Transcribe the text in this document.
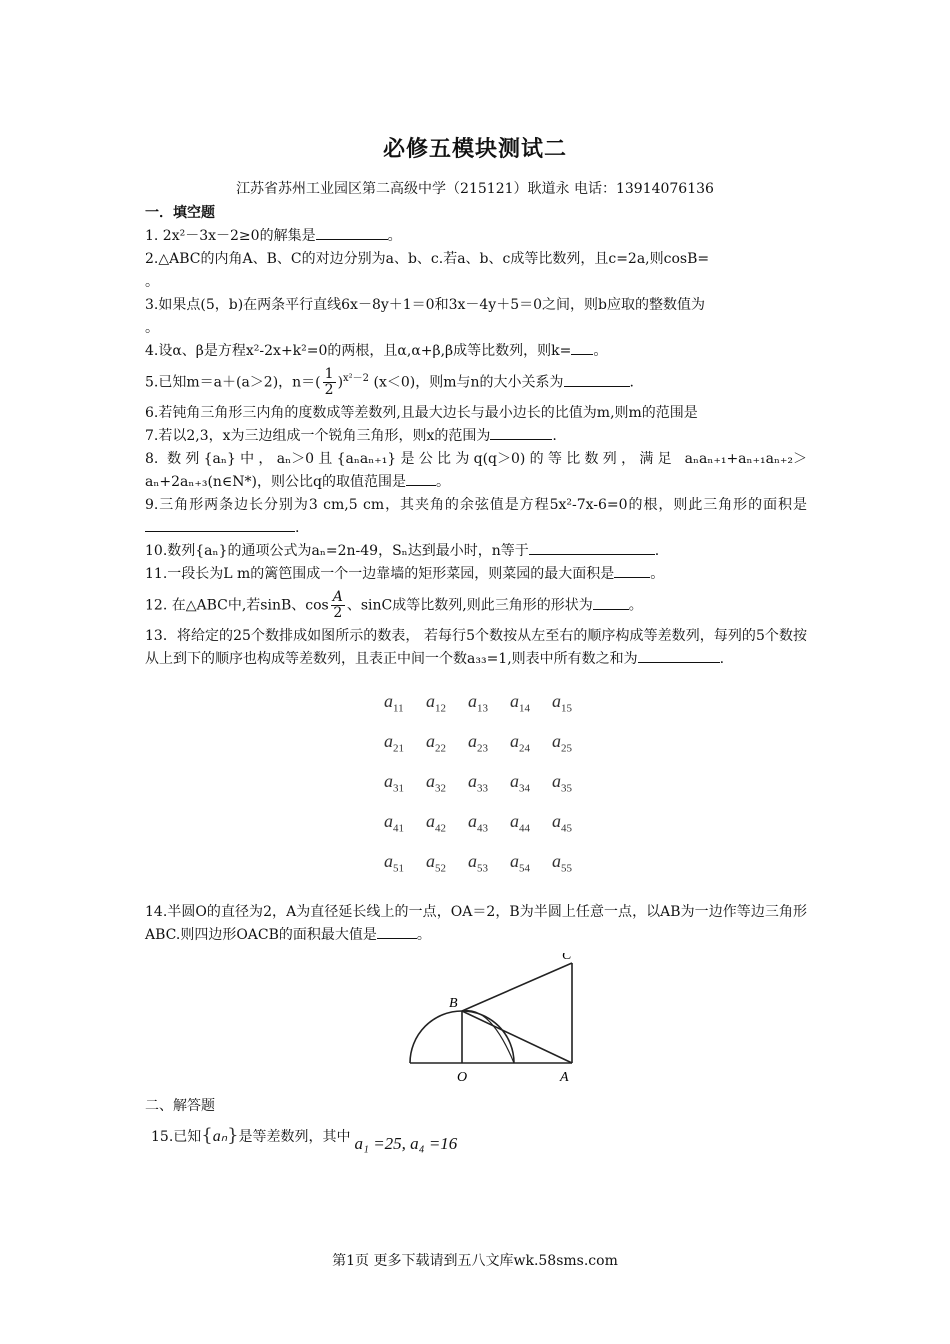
必修五模块测试二
江苏省苏州工业园区第二高级中学（215121）耿道永 电话：13914076136

一．填空题

1. 2x²－3x－2≥0的解集是	。

2.△ABC的内角A、B、C的对边分别为a、b、c.若a、b、c成等比数列，且c=2a,则cosB=
。

3.如果点(5，b)在两条平行直线6x－8y＋1＝0和3x－4y＋5＝0之间，则b应取的整数值为
。

4.设α、β是方程x²-2x+k²=0的两根，且α,α+β,β成等比数列，则k= 。

5.已知m＝a＋(a＞2)，$n=( \frac{1}{2} )^{x^2-2}$ (x＜0)，则m与n的大小关系为	.

6.若钝角三角形三内角的度数成等差数列,且最大边长与最小边长的比值为m,则m的范围是

7.若以2,3，x为三边组成一个锐角三角形，则x的范围为	.

8. 数列{aₙ}中，aₙ＞0且{aₙaₙ₊₁}是公比为q(q＞0)的等比数列，满足 aₙaₙ₊₁+aₙ₊₁aₙ₊₂＞aₙ+2aₙ₊₃(n∈N*)，则公比q的取值范围是 。

9.三角形两条边长分别为3 cm,5 cm，其夹角的余弦值是方程5x²-7x-6=0的根，则此三角形的面积是.

10.数列{aₙ}的通项公式为aₙ=2n-49，Sₙ达到最小时，n等于	.

11.一段长为L m的篱笆围成一个一边靠墙的矩形菜园，则菜园的最大面积是	。

12. 在△ABC中,若sinB、$\cos \frac{A}{2}$ 、sinC成等比数列,则此三角形的形状为	。

13．将给定的25个数排成如图所示的数表， 若每行5个数按从左至右的顺序构成等差数列，每列的5个数按从上到下的顺序也构成等差数列，且表正中间一个数a₃₃=1,则表中所有数之和为	.

$a_{11}$	$a_{12}$	$a_{13}$	$a_{14}$	$a_{15}$
$a_{21}$	$a_{22}$	$a_{23}$	$a_{24}$	$a_{25}$
$a_{31}$	$a_{32}$	$a_{33}$	$a_{34}$	$a_{35}$
$a_{41}$	$a_{42}$	$a_{43}$	$a_{44}$	$a_{45}$
$a_{51}$	$a_{52}$	$a_{53}$	$a_{54}$	$a_{55}$

14.半圆O的直径为2，A为直径延长线上的一点，OA＝2，B为半圆上任意一点，以AB为一边作等边三角形ABC.则四边形OACB的面积最大值是	。

C
B
O	A

二、解答题

15.已知{aₙ}是等差数列，其中 a₁ =25, a₄ =16

第1页 更多下载请到五八文库wk.58sms.com
